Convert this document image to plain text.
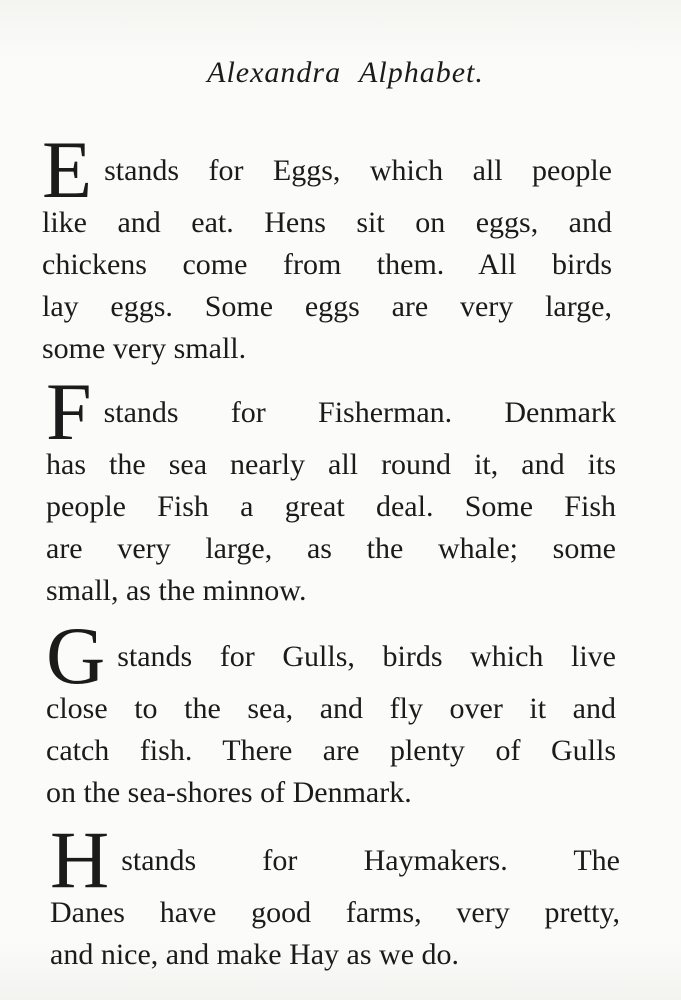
Alexandra Alphabet.
E stands for Eggs, which all people
like and eat. Hens sit on eggs, and
chickens come from them. All birds
lay eggs. Some eggs are very large,
some very small.
F stands for Fisherman. Denmark
has the sea nearly all round it, and its
people Fish a great deal. Some Fish
are very large, as the whale; some
small, as the minnow.
G stands for Gulls, birds which live
close to the sea, and fly over it and
catch fish. There are plenty of Gulls
on the sea-shores of Denmark.
H stands for Haymakers. The
Danes have good farms, very pretty,
and nice, and make Hay as we do.
